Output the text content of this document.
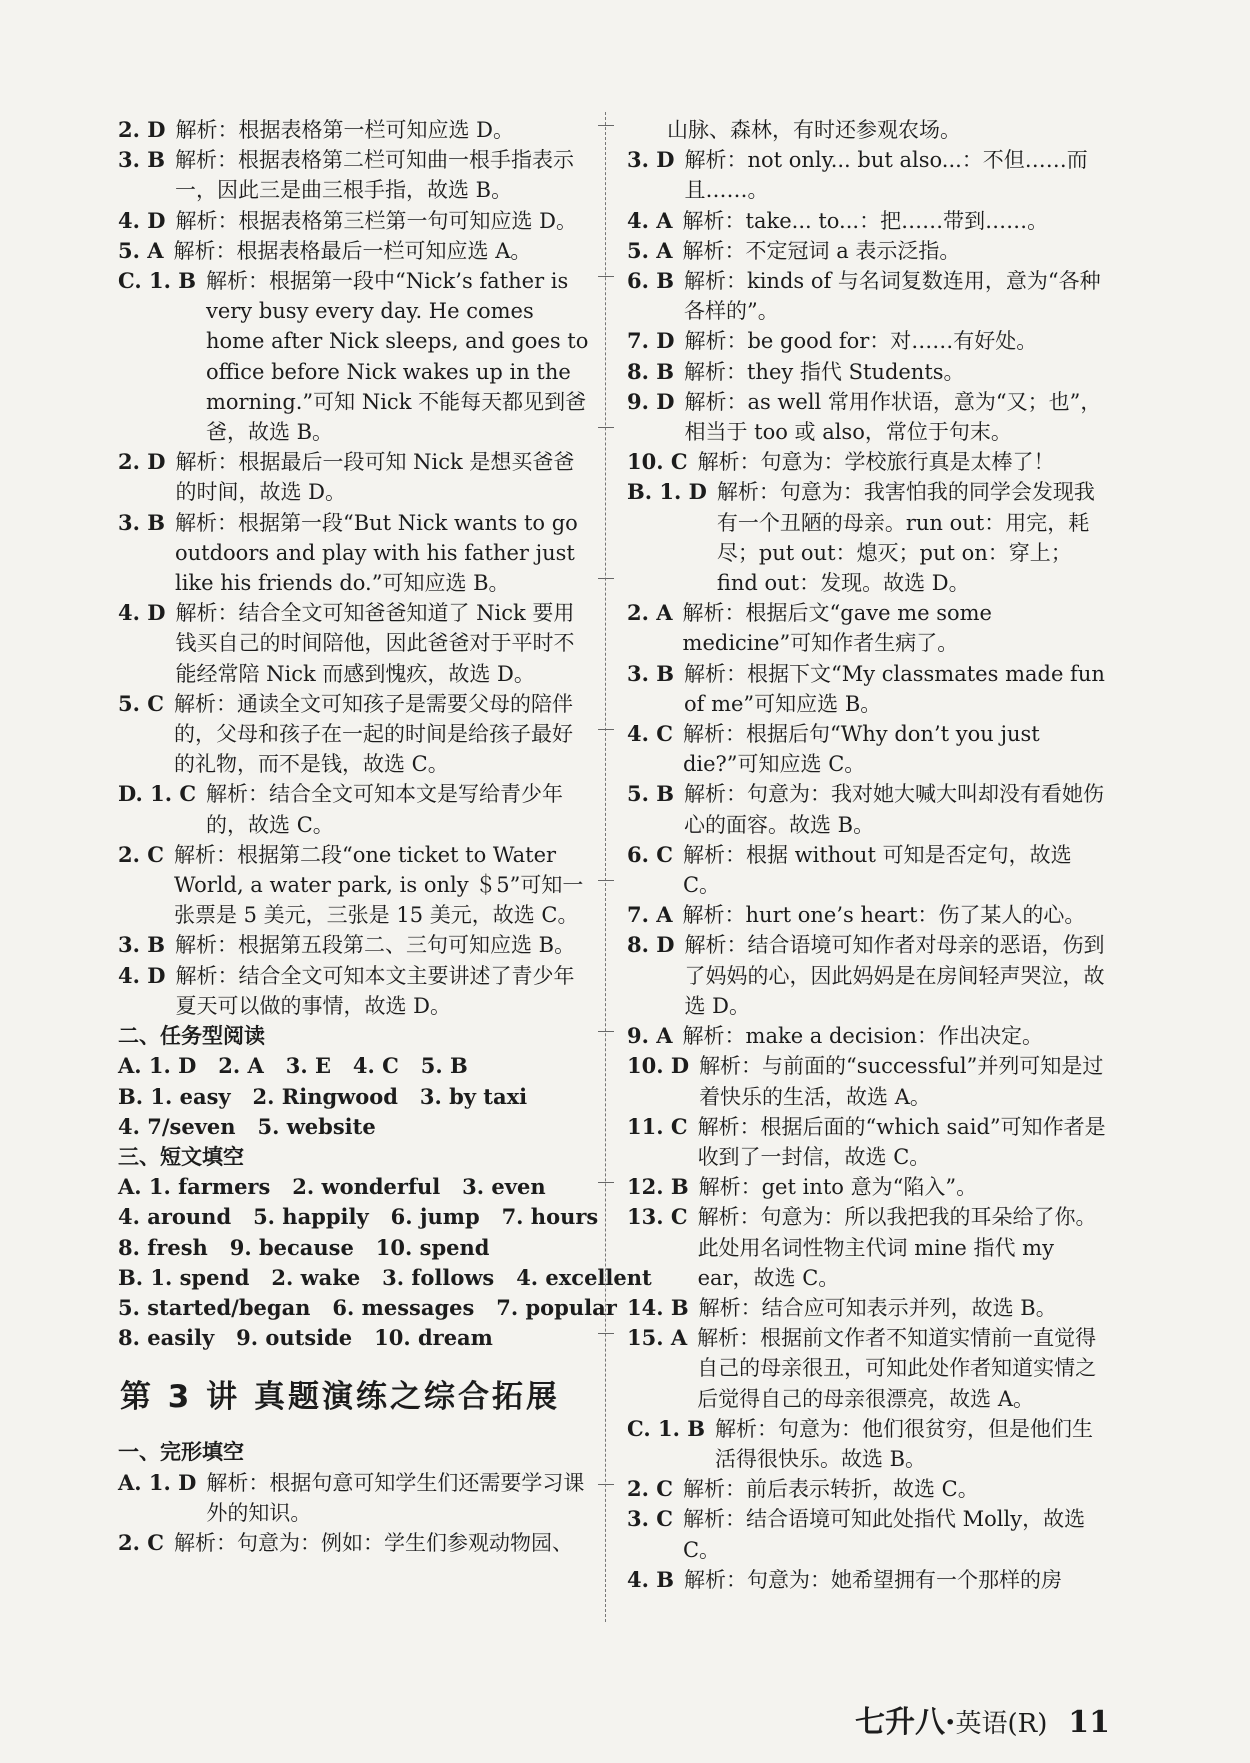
2. D 解析：根据表格第一栏可知应选 D。
3. B 解析：根据表格第二栏可知曲一根手指表示一，因此三是曲三根手指，故选 B。
4. D 解析：根据表格第三栏第一句可知应选 D。
5. A 解析：根据表格最后一栏可知应选 A。
C. 1. B 解析：根据第一段中“Nick’s father is very busy every day. He comes home after Nick sleeps, and goes to office before Nick wakes up in the morning.”可知 Nick 不能每天都见到爸爸，故选 B。
2. D 解析：根据最后一段可知 Nick 是想买爸爸的时间，故选 D。
3. B 解析：根据第一段“But Nick wants to go outdoors and play with his father just like his friends do.”可知应选 B。
4. D 解析：结合全文可知爸爸知道了 Nick 要用钱买自己的时间陪他，因此爸爸对于平时不能经常陪 Nick 而感到愧疚，故选 D。
5. C 解析：通读全文可知孩子是需要父母的陪伴的，父母和孩子在一起的时间是给孩子最好的礼物，而不是钱，故选 C。
D. 1. C 解析：结合全文可知本文是写给青少年的，故选 C。
2. C 解析：根据第二段“one ticket to Water World, a water park, is only ＄5”可知一张票是 5 美元，三张是 15 美元，故选 C。
3. B 解析：根据第五段第二、三句可知应选 B。
4. D 解析：结合全文可知本文主要讲述了青少年夏天可以做的事情，故选 D。
二、任务型阅读
A. 1. D   2. A   3. E   4. C   5. B
B. 1. easy   2. Ringwood   3. by taxi
4. 7/seven   5. website
三、短文填空
A. 1. farmers   2. wonderful   3. even
4. around   5. happily   6. jump   7. hours
8. fresh   9. because   10. spend
B. 1. spend   2. wake   3. follows   4. excellent
5. started/began   6. messages   7. popular
8. easily   9. outside   10. dream
第 3 讲 真题演练之综合拓展
一、完形填空
A. 1. D 解析：根据句意可知学生们还需要学习课外的知识。
2. C 解析：句意为：例如：学生们参观动物园、
山脉、森林，有时还参观农场。
3. D 解析：not only... but also...：不但……而且……。
4. A 解析：take... to...：把……带到……。
5. A 解析：不定冠词 a 表示泛指。
6. B 解析：kinds of 与名词复数连用，意为“各种各样的”。
7. D 解析：be good for：对……有好处。
8. B 解析：they 指代 Students。
9. D 解析：as well 常用作状语，意为“又；也”，相当于 too 或 also，常位于句末。
10. C 解析：句意为：学校旅行真是太棒了！
B. 1. D 解析：句意为：我害怕我的同学会发现我有一个丑陋的母亲。run out：用完，耗尽；put out：熄灭；put on：穿上；find out：发现。故选 D。
2. A 解析：根据后文“gave me some medicine”可知作者生病了。
3. B 解析：根据下文“My classmates made fun of me”可知应选 B。
4. C 解析：根据后句“Why don’t you just die?”可知应选 C。
5. B 解析：句意为：我对她大喊大叫却没有看她伤心的面容。故选 B。
6. C 解析：根据 without 可知是否定句，故选 C。
7. A 解析：hurt one’s heart：伤了某人的心。
8. D 解析：结合语境可知作者对母亲的恶语，伤到了妈妈的心，因此妈妈是在房间轻声哭泣，故选 D。
9. A 解析：make a decision：作出决定。
10. D 解析：与前面的“successful”并列可知是过着快乐的生活，故选 A。
11. C 解析：根据后面的“which said”可知作者是收到了一封信，故选 C。
12. B 解析：get into 意为“陷入”。
13. C 解析：句意为：所以我把我的耳朵给了你。此处用名词性物主代词 mine 指代 my ear，故选 C。
14. B 解析：结合应可知表示并列，故选 B。
15. A 解析：根据前文作者不知道实情前一直觉得自己的母亲很丑，可知此处作者知道实情之后觉得自己的母亲很漂亮，故选 A。
C. 1. B 解析：句意为：他们很贫穷，但是他们生活得很快乐。故选 B。
2. C 解析：前后表示转折，故选 C。
3. C 解析：结合语境可知此处指代 Molly，故选 C。
4. B 解析：句意为：她希望拥有一个那样的房
七升八·英语(R) 11
